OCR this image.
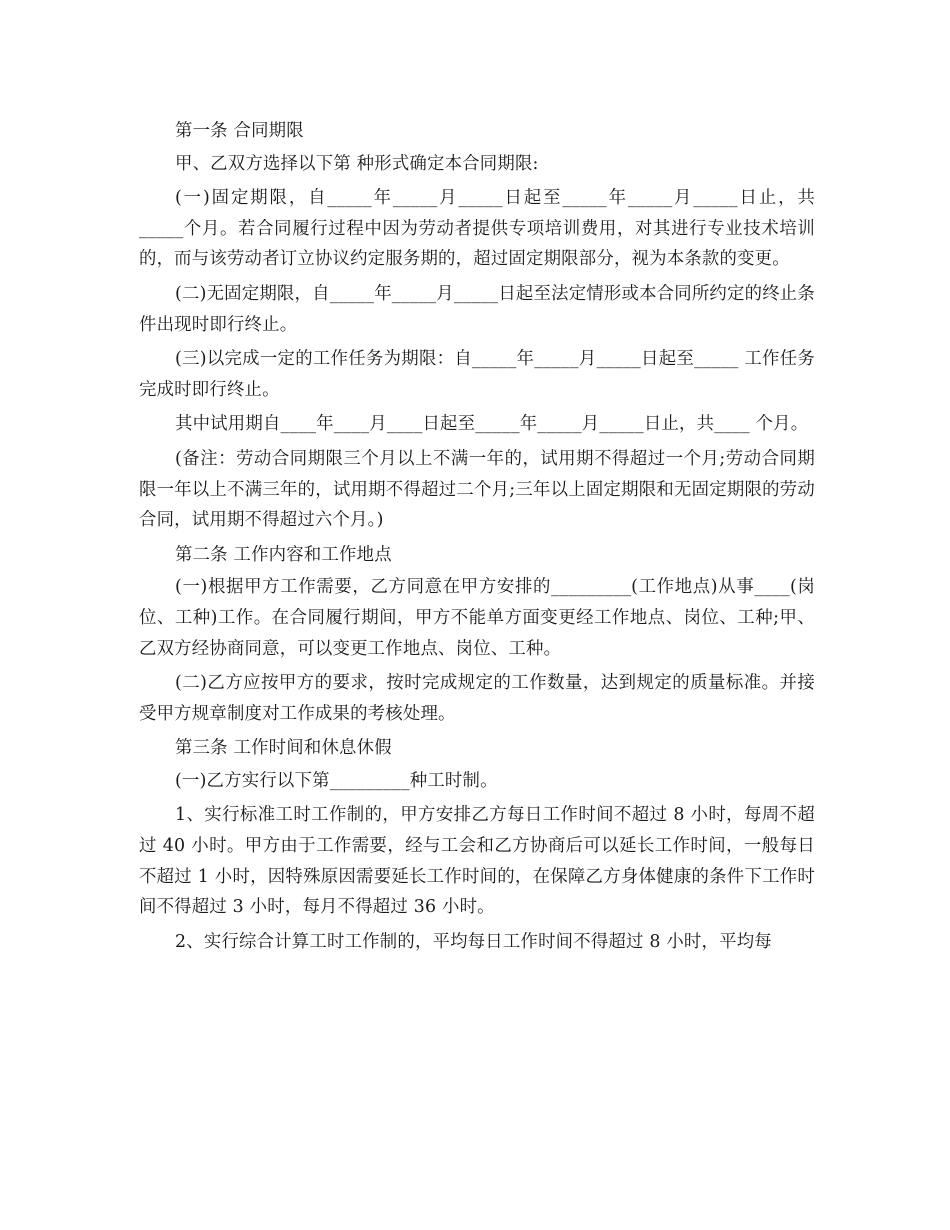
第一条 合同期限

甲、乙双方选择以下第 种形式确定本合同期限:

(一)固定期限，自_____年_____月_____日起至_____年_____月_____日止，共_____个月。若合同履行过程中因为劳动者提供专项培训费用，对其进行专业技术培训的，而与该劳动者订立协议约定服务期的，超过固定期限部分，视为本条款的变更。

(二)无固定期限，自_____年_____月_____日起至法定情形或本合同所约定的终止条件出现时即行终止。

(三)以完成一定的工作任务为期限：自_____年_____月_____日起至_____ 工作任务完成时即行终止。

其中试用期自____年____月____日起至_____年_____月_____日止，共____ 个月。

(备注：劳动合同期限三个月以上不满一年的，试用期不得超过一个月;劳动合同期限一年以上不满三年的，试用期不得超过二个月;三年以上固定期限和无固定期限的劳动合同，试用期不得超过六个月。)

第二条 工作内容和工作地点

(一)根据甲方工作需要，乙方同意在甲方安排的_________(工作地点)从事____(岗位、工种)工作。在合同履行期间，甲方不能单方面变更经工作地点、岗位、工种;甲、乙双方经协商同意，可以变更工作地点、岗位、工种。

(二)乙方应按甲方的要求，按时完成规定的工作数量，达到规定的质量标准。并接受甲方规章制度对工作成果的考核处理。

第三条 工作时间和休息休假

(一)乙方实行以下第_________种工时制。

1、实行标准工时工作制的，甲方安排乙方每日工作时间不超过 8 小时，每周不超过 40 小时。甲方由于工作需要，经与工会和乙方协商后可以延长工作时间，一般每日不超过 1 小时，因特殊原因需要延长工作时间的，在保障乙方身体健康的条件下工作时间不得超过 3 小时，每月不得超过 36 小时。

2、实行综合计算工时工作制的，平均每日工作时间不得超过 8 小时，平均每
